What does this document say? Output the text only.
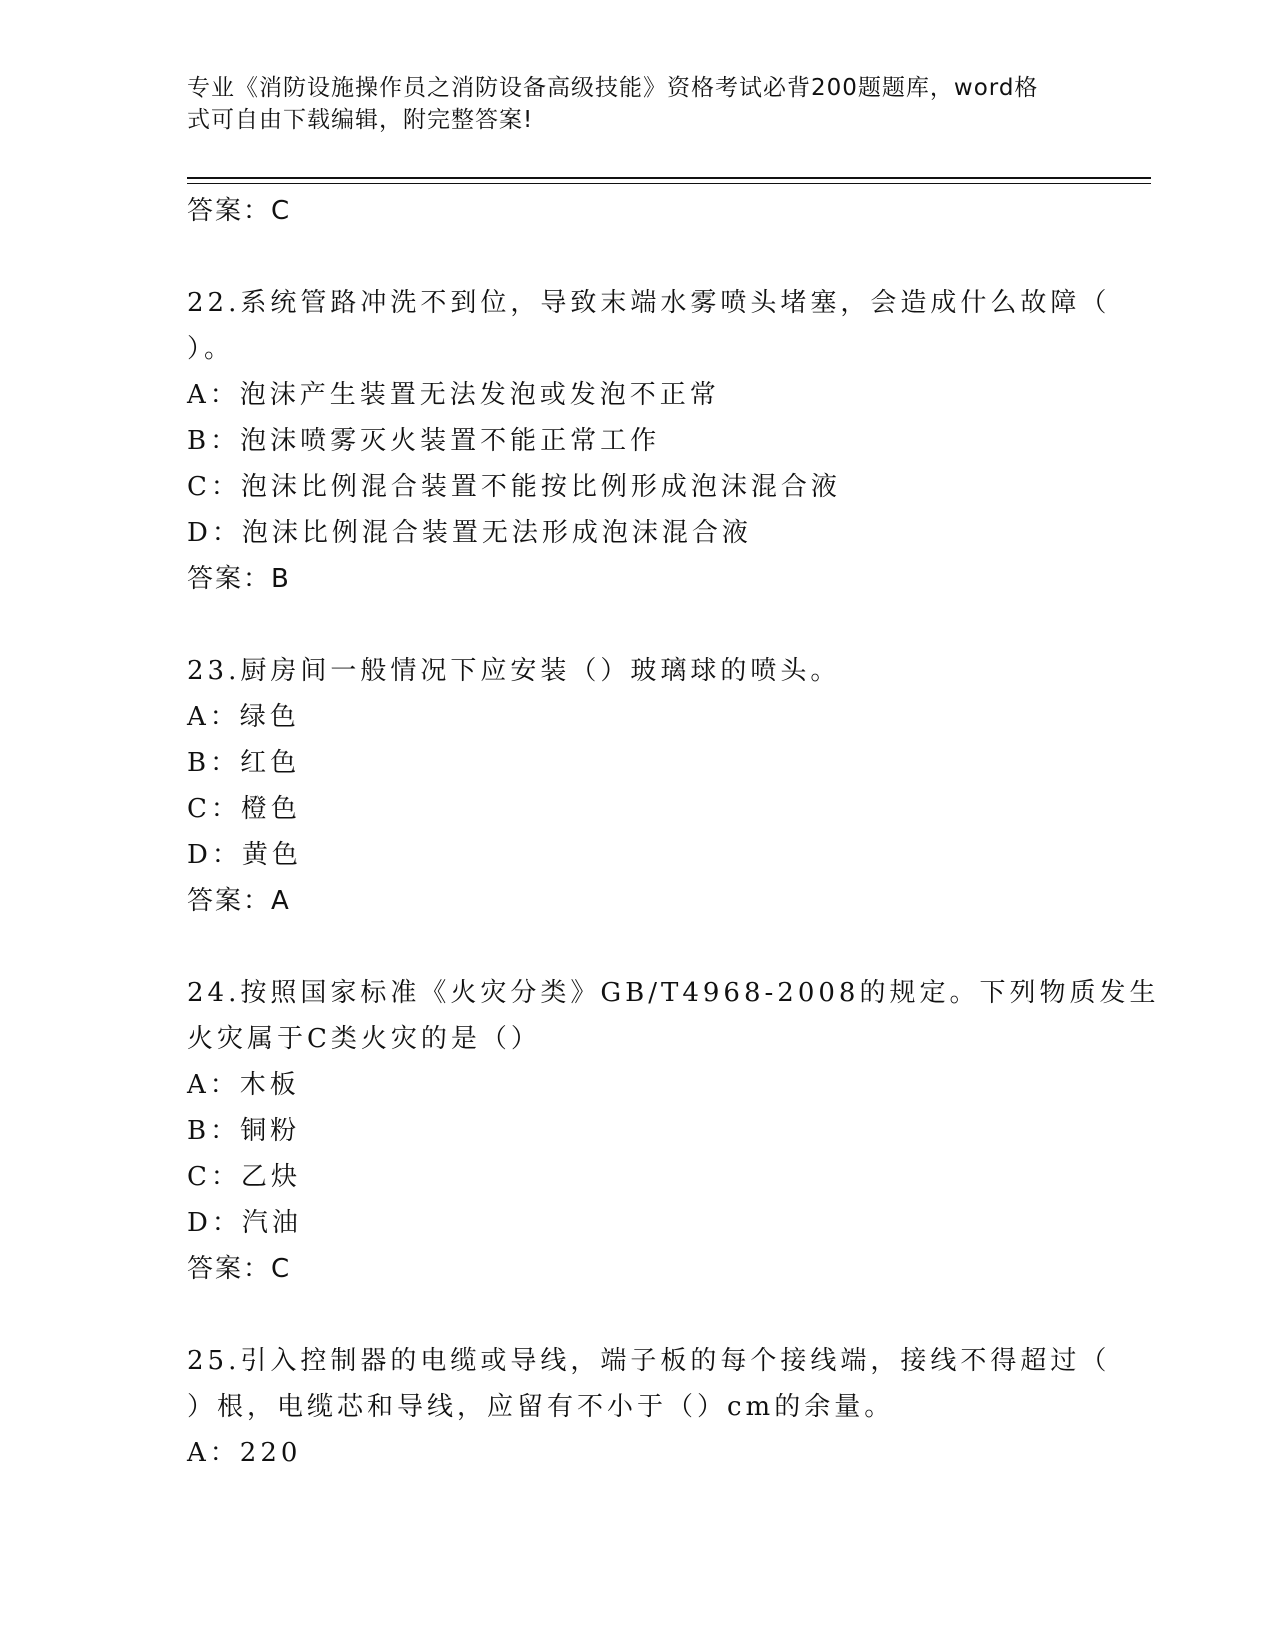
专业《消防设施操作员之消防设备高级技能》资格考试必背200题题库，word格
式可自由下载编辑，附完整答案!
答案：C
22.系统管路冲洗不到位，导致末端水雾喷头堵塞，会造成什么故障（
）。
A：泡沫产生装置无法发泡或发泡不正常
B：泡沫喷雾灭火装置不能正常工作
C：泡沫比例混合装置不能按比例形成泡沫混合液
D：泡沫比例混合装置无法形成泡沫混合液
答案：B
23.厨房间一般情况下应安装（）玻璃球的喷头。
A：绿色
B：红色
C：橙色
D：黄色
答案：A
24.按照国家标准《火灾分类》GB/T4968-2008的规定。下列物质发生
火灾属于C类火灾的是（）
A：木板
B：铜粉
C：乙炔
D：汽油
答案：C
25.引入控制器的电缆或导线，端子板的每个接线端，接线不得超过（
）根，电缆芯和导线，应留有不小于（）cm的余量。
A：220
